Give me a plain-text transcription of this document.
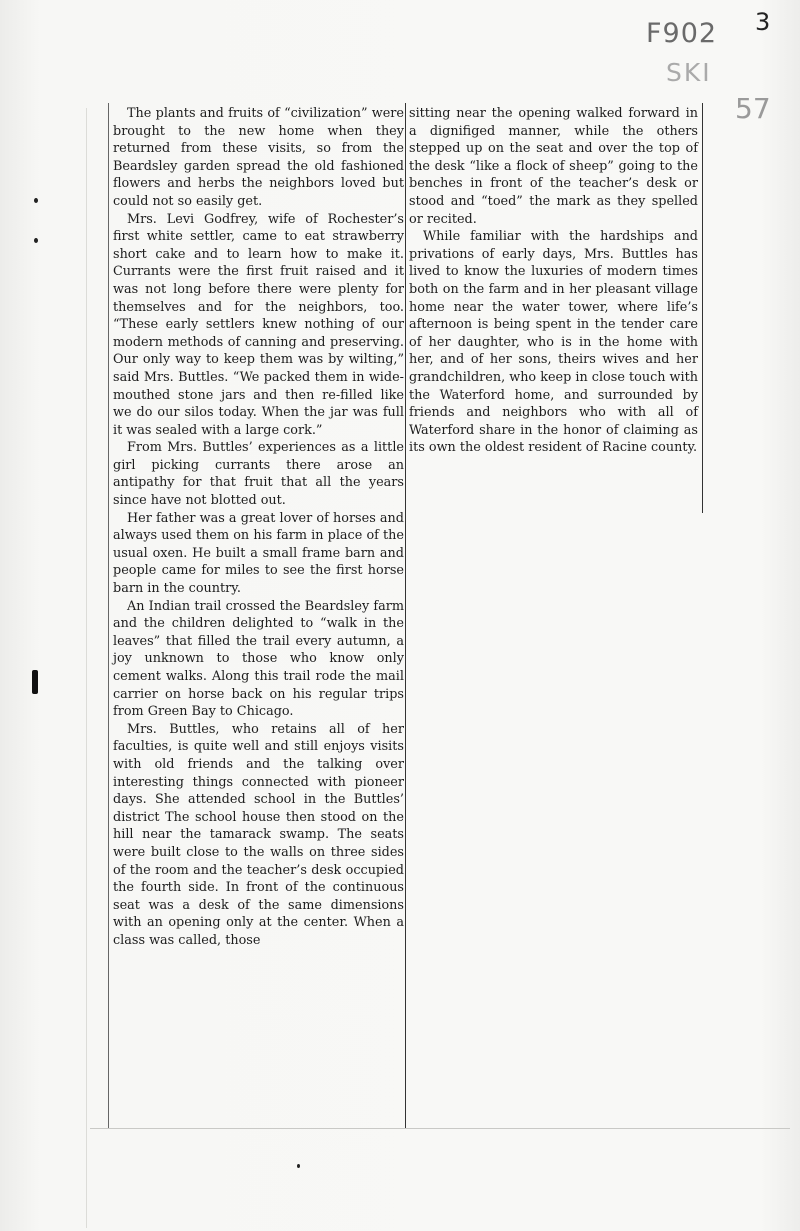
F902 3
SKI
57

The plants and fruits of “civilization” were brought to the new home when they returned from these visits, so from the Beardsley garden spread the old fashioned flowers and herbs the neighbors loved but could not so easily get.

Mrs. Levi Godfrey, wife of Rochester’s first white settler, came to eat strawberry short cake and to learn how to make it. Currants were the first fruit raised and it was not long before there were plenty for themselves and for the neighbors, too. “These early settlers knew nothing of our modern methods of canning and preserving. Our only way to keep them was by wilting,” said Mrs. Buttles. “We packed them in wide-mouthed stone jars and then re-filled like we do our silos today. When the jar was full it was sealed with a large cork.”

From Mrs. Buttles’ experiences as a little girl picking currants there arose an antipathy for that fruit that all the years since have not blotted out.

Her father was a great lover of horses and always used them on his farm in place of the usual oxen. He built a small frame barn and people came for miles to see the first horse barn in the country.

An Indian trail crossed the Beardsley farm and the children delighted to “walk in the leaves” that filled the trail every autumn, a joy unknown to those who know only cement walks. Along this trail rode the mail carrier on horse back on his regular trips from Green Bay to Chicago.

Mrs. Buttles, who retains all of her faculties, is quite well and still enjoys visits with old friends and the talking over interesting things connected with pioneer days. She attended school in the Buttles’ district The school house then stood on the hill near the tamarack swamp. The seats were built close to the walls on three sides of the room and the teacher’s desk occupied the fourth side. In front of the continuous seat was a desk of the same dimensions with an opening only at the center. When a class was called, those

sitting near the opening walked forward in a dignifiged manner, while the others stepped up on the seat and over the top of the desk “like a flock of sheep” going to the benches in front of the teacher’s desk or stood and “toed” the mark as they spelled or recited.

While familiar with the hardships and privations of early days, Mrs. Buttles has lived to know the luxuries of modern times both on the farm and in her pleasant village home near the water tower, where life’s afternoon is being spent in the tender care of her daughter, who is in the home with her, and of her sons, theirs wives and her grandchildren, who keep in close touch with the Waterford home, and surrounded by friends and neighbors who with all of Waterford share in the honor of claiming as its own the oldest resident of Racine county.
